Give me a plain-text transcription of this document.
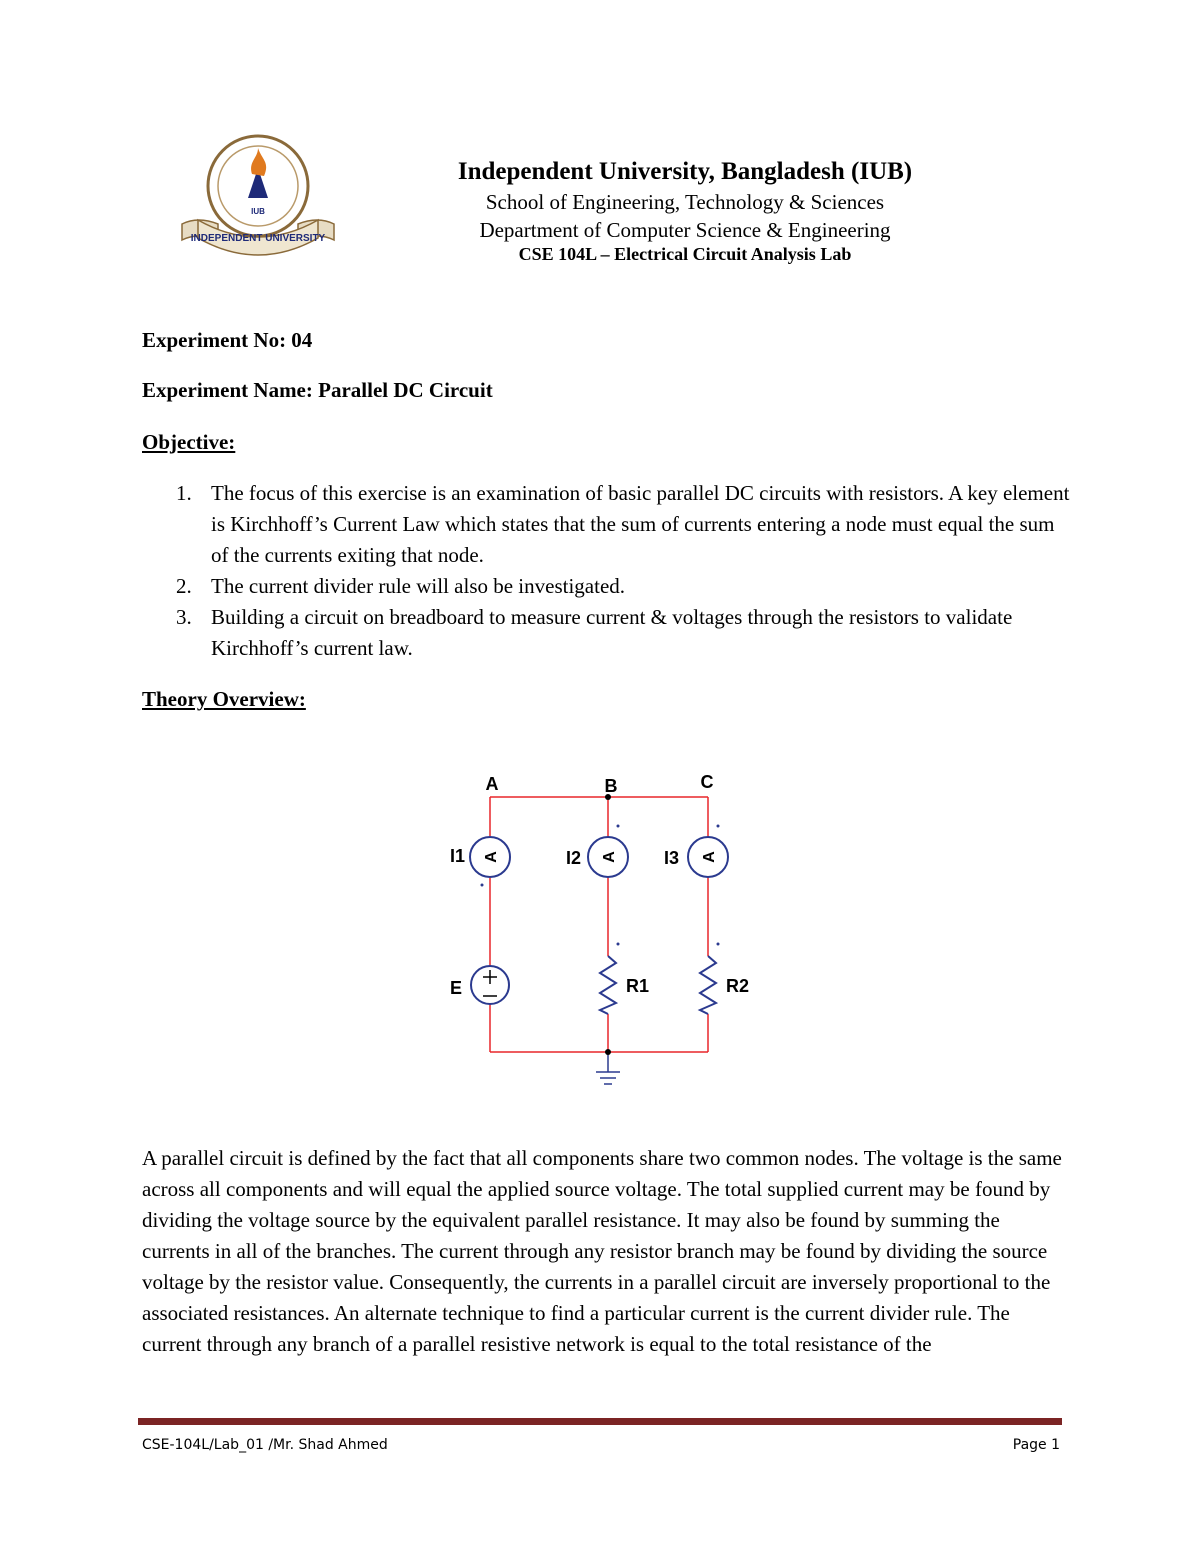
IUB
INDEPENDENT UNIVERSITY
Independent University, Bangladesh (IUB)
School of Engineering, Technology & Sciences
Department of Computer Science & Engineering
CSE 104L – Electrical Circuit Analysis Lab
Experiment No: 04
Experiment Name: Parallel DC Circuit
Objective:
1. The focus of this exercise is an examination of basic parallel DC circuits with resistors. A key element is Kirchhoff’s Current Law which states that the sum of currents entering a node must equal the sum of the currents exiting that node.
2. The current divider rule will also be investigated.
3. Building a circuit on breadboard to measure current & voltages through the resistors to validate Kirchhoff’s current law.
Theory Overview:
A	A	A
A	B	C
I1	I2	I3
E	R1	R2
A parallel circuit is defined by the fact that all components share two common nodes. The voltage is the same across all components and will equal the applied source voltage. The total supplied current may be found by dividing the voltage source by the equivalent parallel resistance. It may also be found by summing the currents in all of the branches. The current through any resistor branch may be found by dividing the source voltage by the resistor value. Consequently, the currents in a parallel circuit are inversely proportional to the associated resistances. An alternate technique to find a particular current is the current divider rule. The current through any branch of a parallel resistive network is equal to the total resistance of the
CSE-104L/Lab_01 /Mr. Shad Ahmed	Page 1
